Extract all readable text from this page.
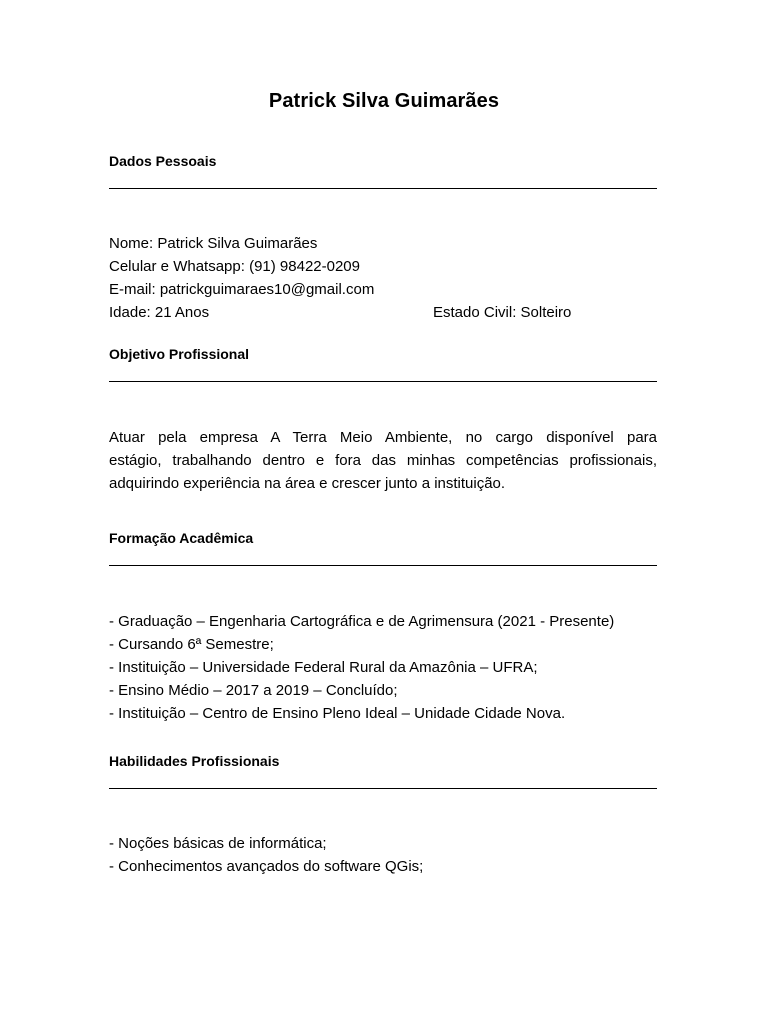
Patrick Silva Guimarães
Dados Pessoais
Nome: Patrick Silva Guimarães
Celular e Whatsapp: (91) 98422-0209
E-mail: patrickguimaraes10@gmail.com
Idade: 21 Anos	Estado Civil: Solteiro
Objetivo Profissional
Atuar pela empresa A Terra Meio Ambiente, no cargo disponível para
estágio, trabalhando dentro e fora das minhas competências profissionais,
adquirindo experiência na área e crescer junto a instituição.
Formação Acadêmica
- Graduação – Engenharia Cartográfica e de Agrimensura (2021 - Presente)
- Cursando 6ª Semestre;
- Instituição – Universidade Federal Rural da Amazônia – UFRA;
- Ensino Médio – 2017 a 2019 – Concluído;
- Instituição – Centro de Ensino Pleno Ideal – Unidade Cidade Nova.
Habilidades Profissionais
- Noções básicas de informática;
- Conhecimentos avançados do software QGis;
